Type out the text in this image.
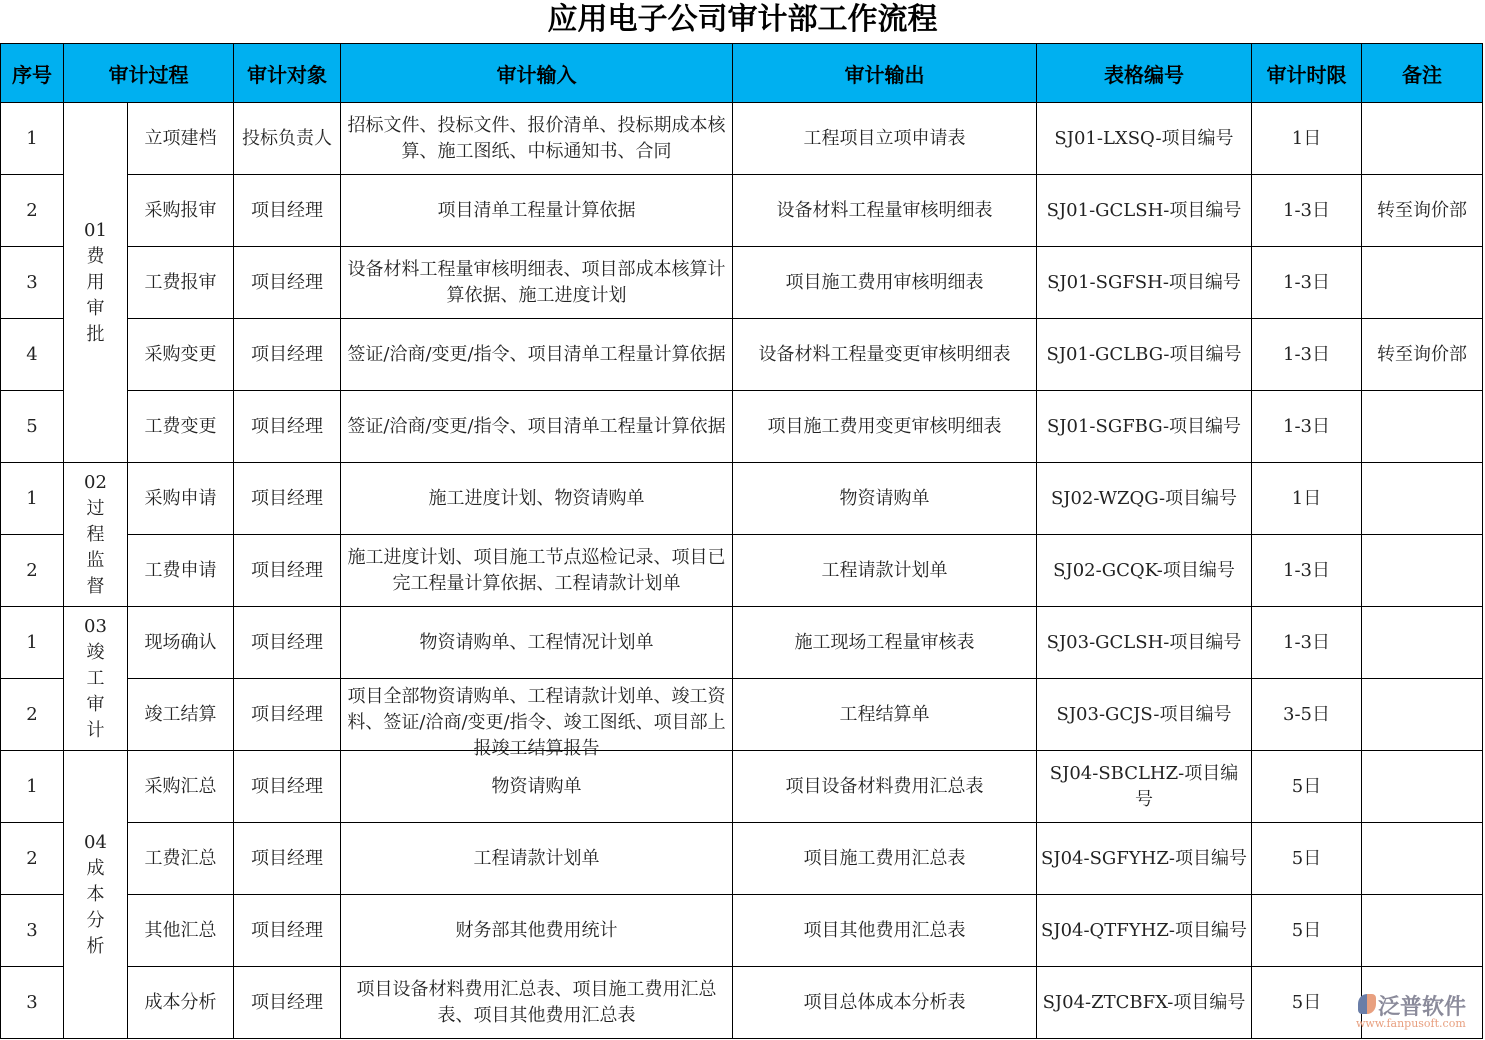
应用电子公司审计部工作流程
序号	审计过程		审计对象	审计输入	审计输出	表格编号	审计时限	备注
1	01费用审批	立项建档	投标负责人	招标文件、投标文件、报价清单、投标期成本核算、施工图纸、中标通知书、合同	工程项目立项申请表	SJ01-LXSQ-项目编号	1日	
2		采购报审	项目经理	项目清单工程量计算依据	设备材料工程量审核明细表	SJ01-GCLSH-项目编号	1-3日	转至询价部
3		工费报审	项目经理	设备材料工程量审核明细表、项目部成本核算计算依据、施工进度计划	项目施工费用审核明细表	SJ01-SGFSH-项目编号	1-3日	
4		采购变更	项目经理	签证/洽商/变更/指令、项目清单工程量计算依据	设备材料工程量变更审核明细表	SJ01-GCLBG-项目编号	1-3日	转至询价部
5		工费变更	项目经理	签证/洽商/变更/指令、项目清单工程量计算依据	项目施工费用变更审核明细表	SJ01-SGFBG-项目编号	1-3日	
1	02过程监督	采购申请	项目经理	施工进度计划、物资请购单	物资请购单	SJ02-WZQG-项目编号	1日	
2		工费申请	项目经理	施工进度计划、项目施工节点巡检记录、项目已完工程量计算依据、工程请款计划单	工程请款计划单	SJ02-GCQK-项目编号	1-3日	
1	03竣工审计	现场确认	项目经理	物资请购单、工程情况计划单	施工现场工程量审核表	SJ03-GCLSH-项目编号	1-3日	
2		竣工结算	项目经理	项目全部物资请购单、工程请款计划单、竣工资料、签证/洽商/变更/指令、竣工图纸、项目部上报竣工结算报告	工程结算单	SJ03-GCJS-项目编号	3-5日	
1	04成本分析	采购汇总	项目经理	物资请购单	项目设备材料费用汇总表	SJ04-SBCLHZ-项目编号	5日	
2		工费汇总	项目经理	工程请款计划单	项目施工费用汇总表	SJ04-SGFYHZ-项目编号	5日	
3		其他汇总	项目经理	财务部其他费用统计	项目其他费用汇总表	SJ04-QTFYHZ-项目编号	5日	
3		成本分析	项目经理	项目设备材料费用汇总表、项目施工费用汇总表、项目其他费用汇总表	项目总体成本分析表	SJ04-ZTCBFX-项目编号	5日		泛普软件
www.fanpusoft.com
